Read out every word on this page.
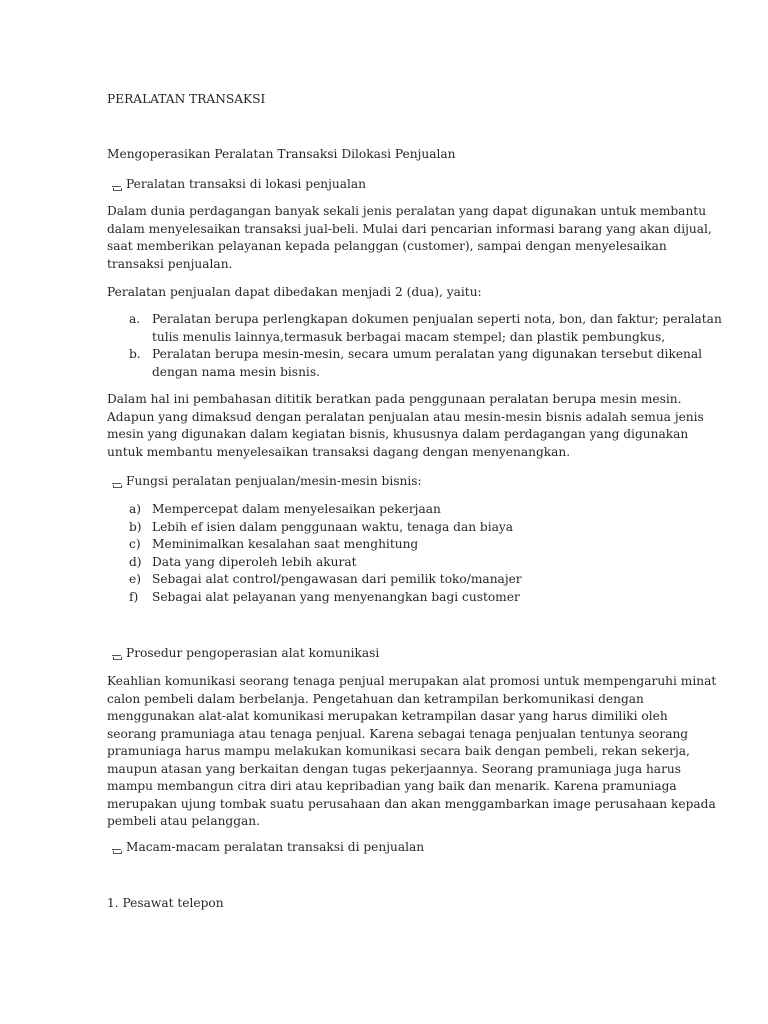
PERALATAN TRANSAKSI
Mengoperasikan Peralatan Transaksi Dilokasi Penjualan
Peralatan transaksi di lokasi penjualan
Dalam dunia perdagangan banyak sekali jenis peralatan yang dapat digunakan untuk membantu
dalam menyelesaikan transaksi jual-beli. Mulai dari pencarian informasi barang yang akan dijual,
saat memberikan pelayanan kepada pelanggan (customer), sampai dengan menyelesaikan
transaksi penjualan.
Peralatan penjualan dapat dibedakan menjadi 2 (dua), yaitu:
a. Peralatan berupa perlengkapan dokumen penjualan seperti nota, bon, dan faktur; peralatan
tulis menulis lainnya,termasuk berbagai macam stempel; dan plastik pembungkus,
b. Peralatan berupa mesin-mesin, secara umum peralatan yang digunakan tersebut dikenal
dengan nama mesin bisnis.
Dalam hal ini pembahasan dititik beratkan pada penggunaan peralatan berupa mesin mesin.
Adapun yang dimaksud dengan peralatan penjualan atau mesin-mesin bisnis adalah semua jenis
mesin yang digunakan dalam kegiatan bisnis, khususnya dalam perdagangan yang digunakan
untuk membantu menyelesaikan transaksi dagang dengan menyenangkan.
Fungsi peralatan penjualan/mesin-mesin bisnis:
a) Mempercepat dalam menyelesaikan pekerjaan
b) Lebih ef isien dalam penggunaan waktu, tenaga dan biaya
c) Meminimalkan kesalahan saat menghitung
d) Data yang diperoleh lebih akurat
e) Sebagai alat control/pengawasan dari pemilik toko/manajer
f) Sebagai alat pelayanan yang menyenangkan bagi customer
Prosedur pengoperasian alat komunikasi
Keahlian komunikasi seorang tenaga penjual merupakan alat promosi untuk mempengaruhi minat
calon pembeli dalam berbelanja. Pengetahuan dan ketrampilan berkomunikasi dengan
menggunakan alat-alat komunikasi merupakan ketrampilan dasar yang harus dimiliki oleh
seorang pramuniaga atau tenaga penjual. Karena sebagai tenaga penjualan tentunya seorang
pramuniaga harus mampu melakukan komunikasi secara baik dengan pembeli, rekan sekerja,
maupun atasan yang berkaitan dengan tugas pekerjaannya. Seorang pramuniaga juga harus
mampu membangun citra diri atau kepribadian yang baik dan menarik. Karena pramuniaga
merupakan ujung tombak suatu perusahaan dan akan menggambarkan image perusahaan kepada
pembeli atau pelanggan.
Macam-macam peralatan transaksi di penjualan
1. Pesawat telepon
